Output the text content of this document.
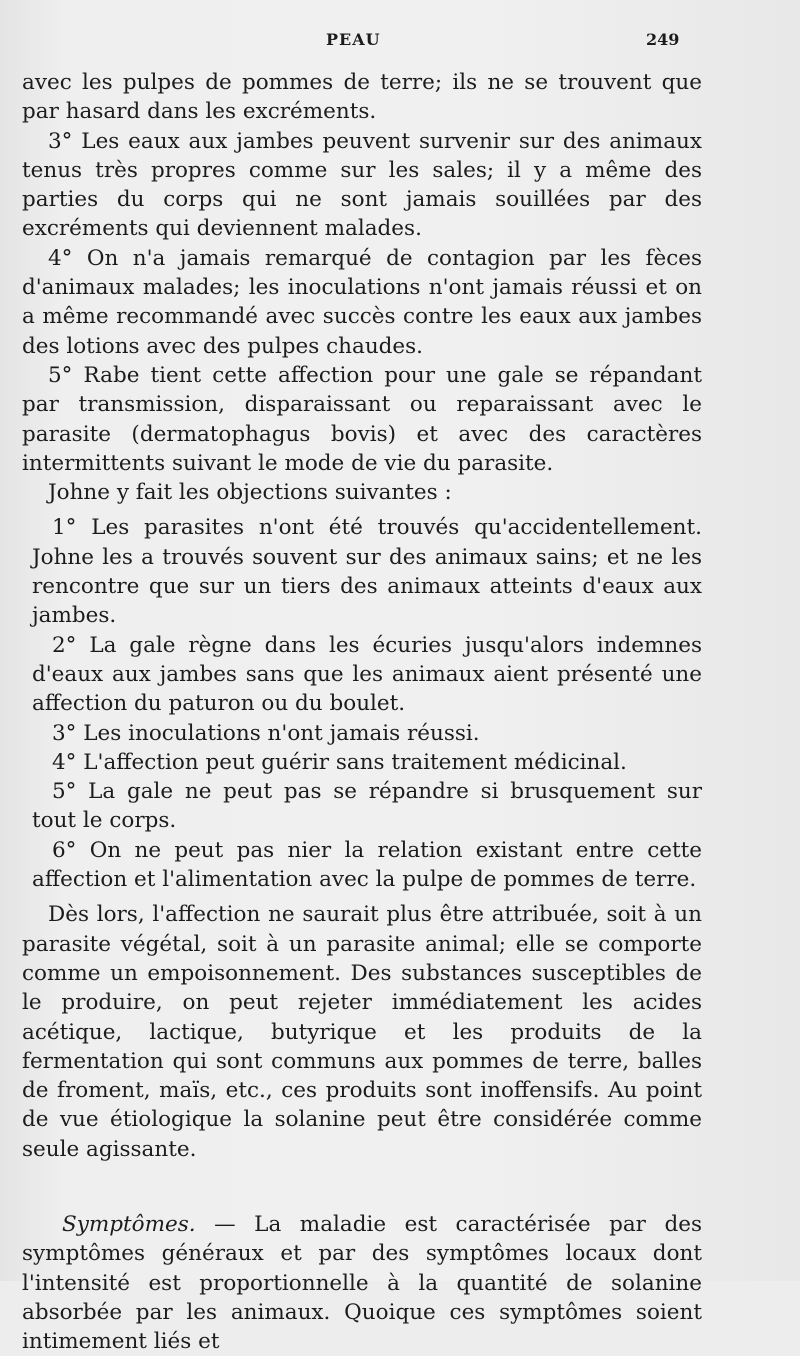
PEAU	249

avec les pulpes de pommes de terre; ils ne se trouvent que par hasard dans les excréments.

3° Les eaux aux jambes peuvent survenir sur des animaux tenus très propres comme sur les sales; il y a même des parties du corps qui ne sont jamais souillées par des excréments qui deviennent malades.

4° On n'a jamais remarqué de contagion par les fèces d'animaux malades; les inoculations n'ont jamais réussi et on a même recommandé avec succès contre les eaux aux jambes des lotions avec des pulpes chaudes.

5° Rabe tient cette affection pour une gale se répandant par transmission, disparaissant ou reparaissant avec le parasite (dermatophagus bovis) et avec des caractères intermittents suivant le mode de vie du parasite.

Johne y fait les objections suivantes :

1° Les parasites n'ont été trouvés qu'accidentellement. Johne les a trouvés souvent sur des animaux sains; et ne les rencontre que sur un tiers des animaux atteints d'eaux aux jambes.

2° La gale règne dans les écuries jusqu'alors indemnes d'eaux aux jambes sans que les animaux aient présenté une affection du paturon ou du boulet.

3° Les inoculations n'ont jamais réussi.

4° L'affection peut guérir sans traitement médicinal.

5° La gale ne peut pas se répandre si brusquement sur tout le corps.

6° On ne peut pas nier la relation existant entre cette affection et l'alimentation avec la pulpe de pommes de terre.

Dès lors, l'affection ne saurait plus être attribuée, soit à un parasite végétal, soit à un parasite animal; elle se comporte comme un empoisonnement. Des substances susceptibles de le produire, on peut rejeter immédiatement les acides acétique, lactique, butyrique et les produits de la fermentation qui sont communs aux pommes de terre, balles de froment, maïs, etc., ces produits sont inoffensifs. Au point de vue étiologique la solanine peut être considérée comme seule agissante.

Symptômes. — La maladie est caractérisée par des symptômes généraux et par des symptômes locaux dont l'intensité est proportionnelle à la quantité de solanine absorbée par les animaux. Quoique ces symptômes soient intimement liés et
